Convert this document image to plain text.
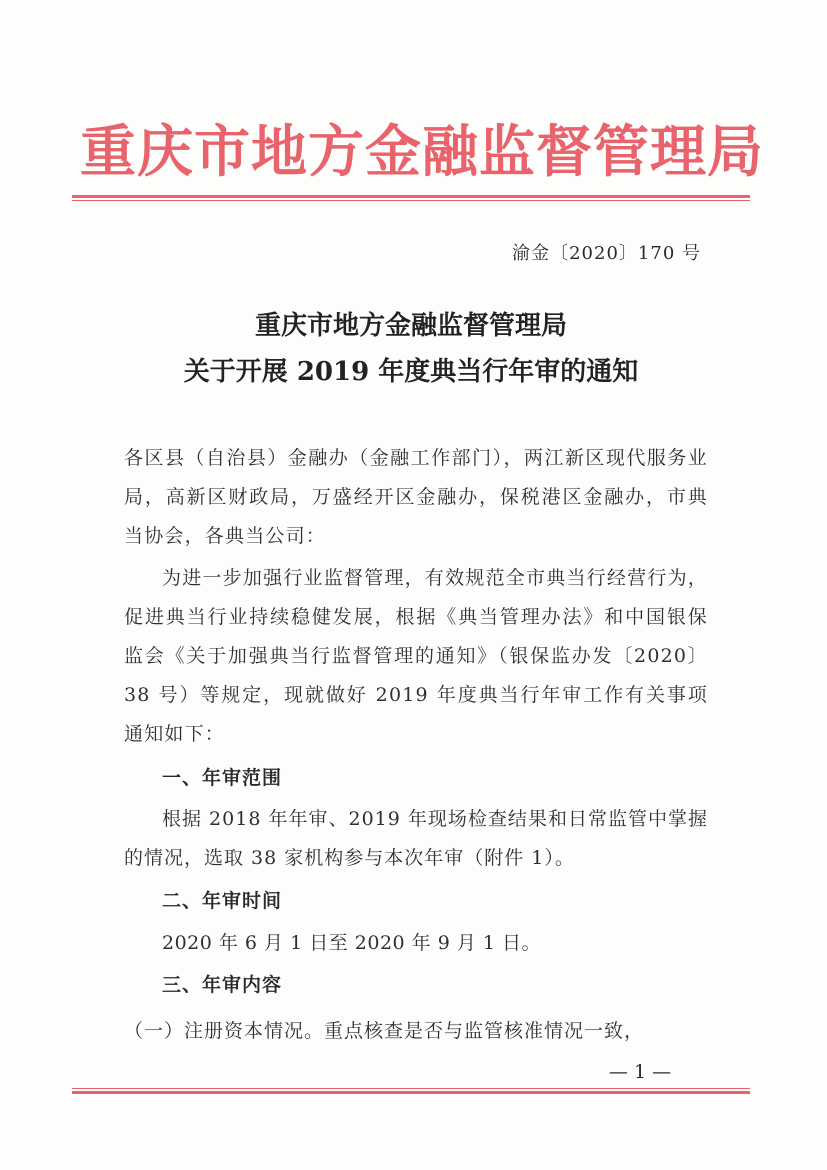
重庆市地方金融监督管理局
渝金〔2020〕170 号
重庆市地方金融监督管理局
关于开展 2019 年度典当行年审的通知
各区县（自治县）金融办（金融工作部门），两江新区现代服务业局，高新区财政局，万盛经开区金融办，保税港区金融办，市典当协会，各典当公司：
为进一步加强行业监督管理，有效规范全市典当行经营行为，促进典当行业持续稳健发展，根据《典当管理办法》和中国银保监会《关于加强典当行监督管理的通知》（银保监办发〔2020〕38 号）等规定，现就做好 2019 年度典当行年审工作有关事项通知如下：
一、年审范围
根据 2018 年年审、2019 年现场检查结果和日常监管中掌握的情况，选取 38 家机构参与本次年审（附件 1）。
二、年审时间
2020 年 6 月 1 日至 2020 年 9 月 1 日。
三、年审内容
（一）注册资本情况。重点核查是否与监管核准情况一致，
— 1 —
